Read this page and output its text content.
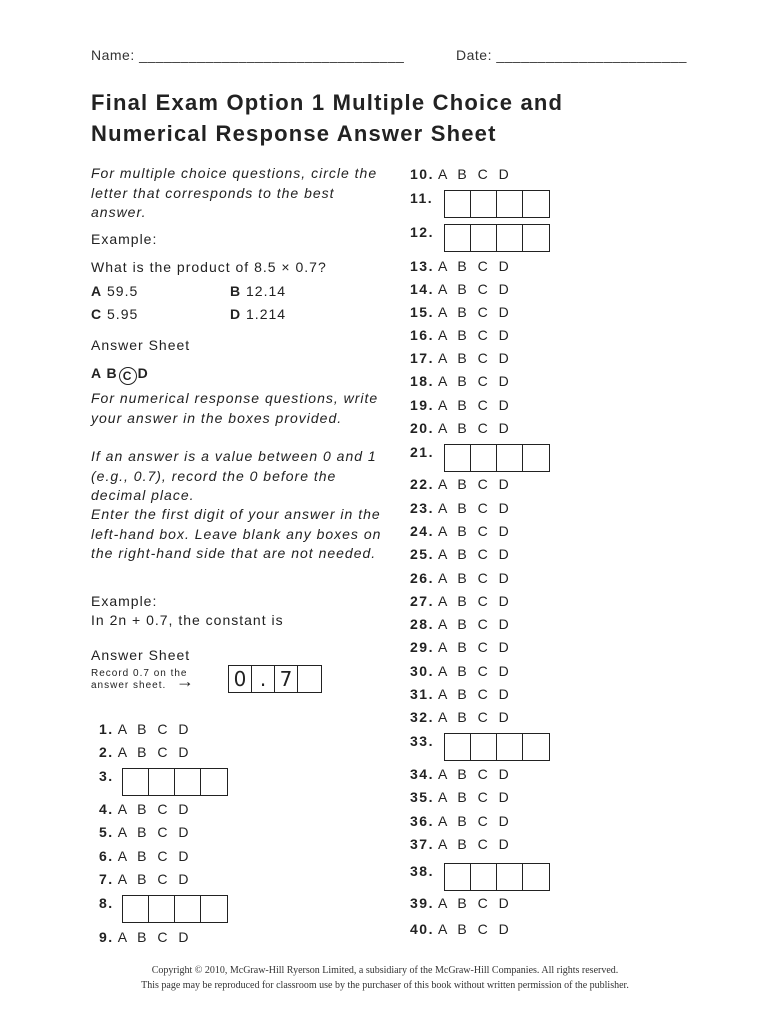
Name: ________________________________	Date: _______________________
Final Exam Option 1 Multiple Choice and
Numerical Response Answer Sheet
For multiple choice questions, circle the letter that corresponds to the best answer.
Example:
What is the product of 8.5 × 0.7?
A 59.5	B 12.14
C 5.95	D 1.214
Answer Sheet
A B C D
For numerical response questions, write your answer in the boxes provided.
If an answer is a value between 0 and 1 (e.g., 0.7), record the 0 before the decimal place.
Enter the first digit of your answer in the left-hand box. Leave blank any boxes on the right-hand side that are not needed.
Example:
In 2n + 0.7, the constant is
Answer Sheet
Record 0.7 on the
answer sheet. → 0 . 7
1. A B C D
2. A B C D
3.
4. A B C D
5. A B C D
6. A B C D
7. A B C D
8.
9. A B C D
10. A B C D
11.
12.
13. A B C D
14. A B C D
15. A B C D
16. A B C D
17. A B C D
18. A B C D
19. A B C D
20. A B C D
21.
22. A B C D
23. A B C D
24. A B C D
25. A B C D
26. A B C D
27. A B C D
28. A B C D
29. A B C D
30. A B C D
31. A B C D
32. A B C D
33.
34. A B C D
35. A B C D
36. A B C D
37. A B C D
38.
39. A B C D
40. A B C D
Copyright © 2010, McGraw-Hill Ryerson Limited, a subsidiary of the McGraw-Hill Companies. All rights reserved.
This page may be reproduced for classroom use by the purchaser of this book without written permission of the publisher.
